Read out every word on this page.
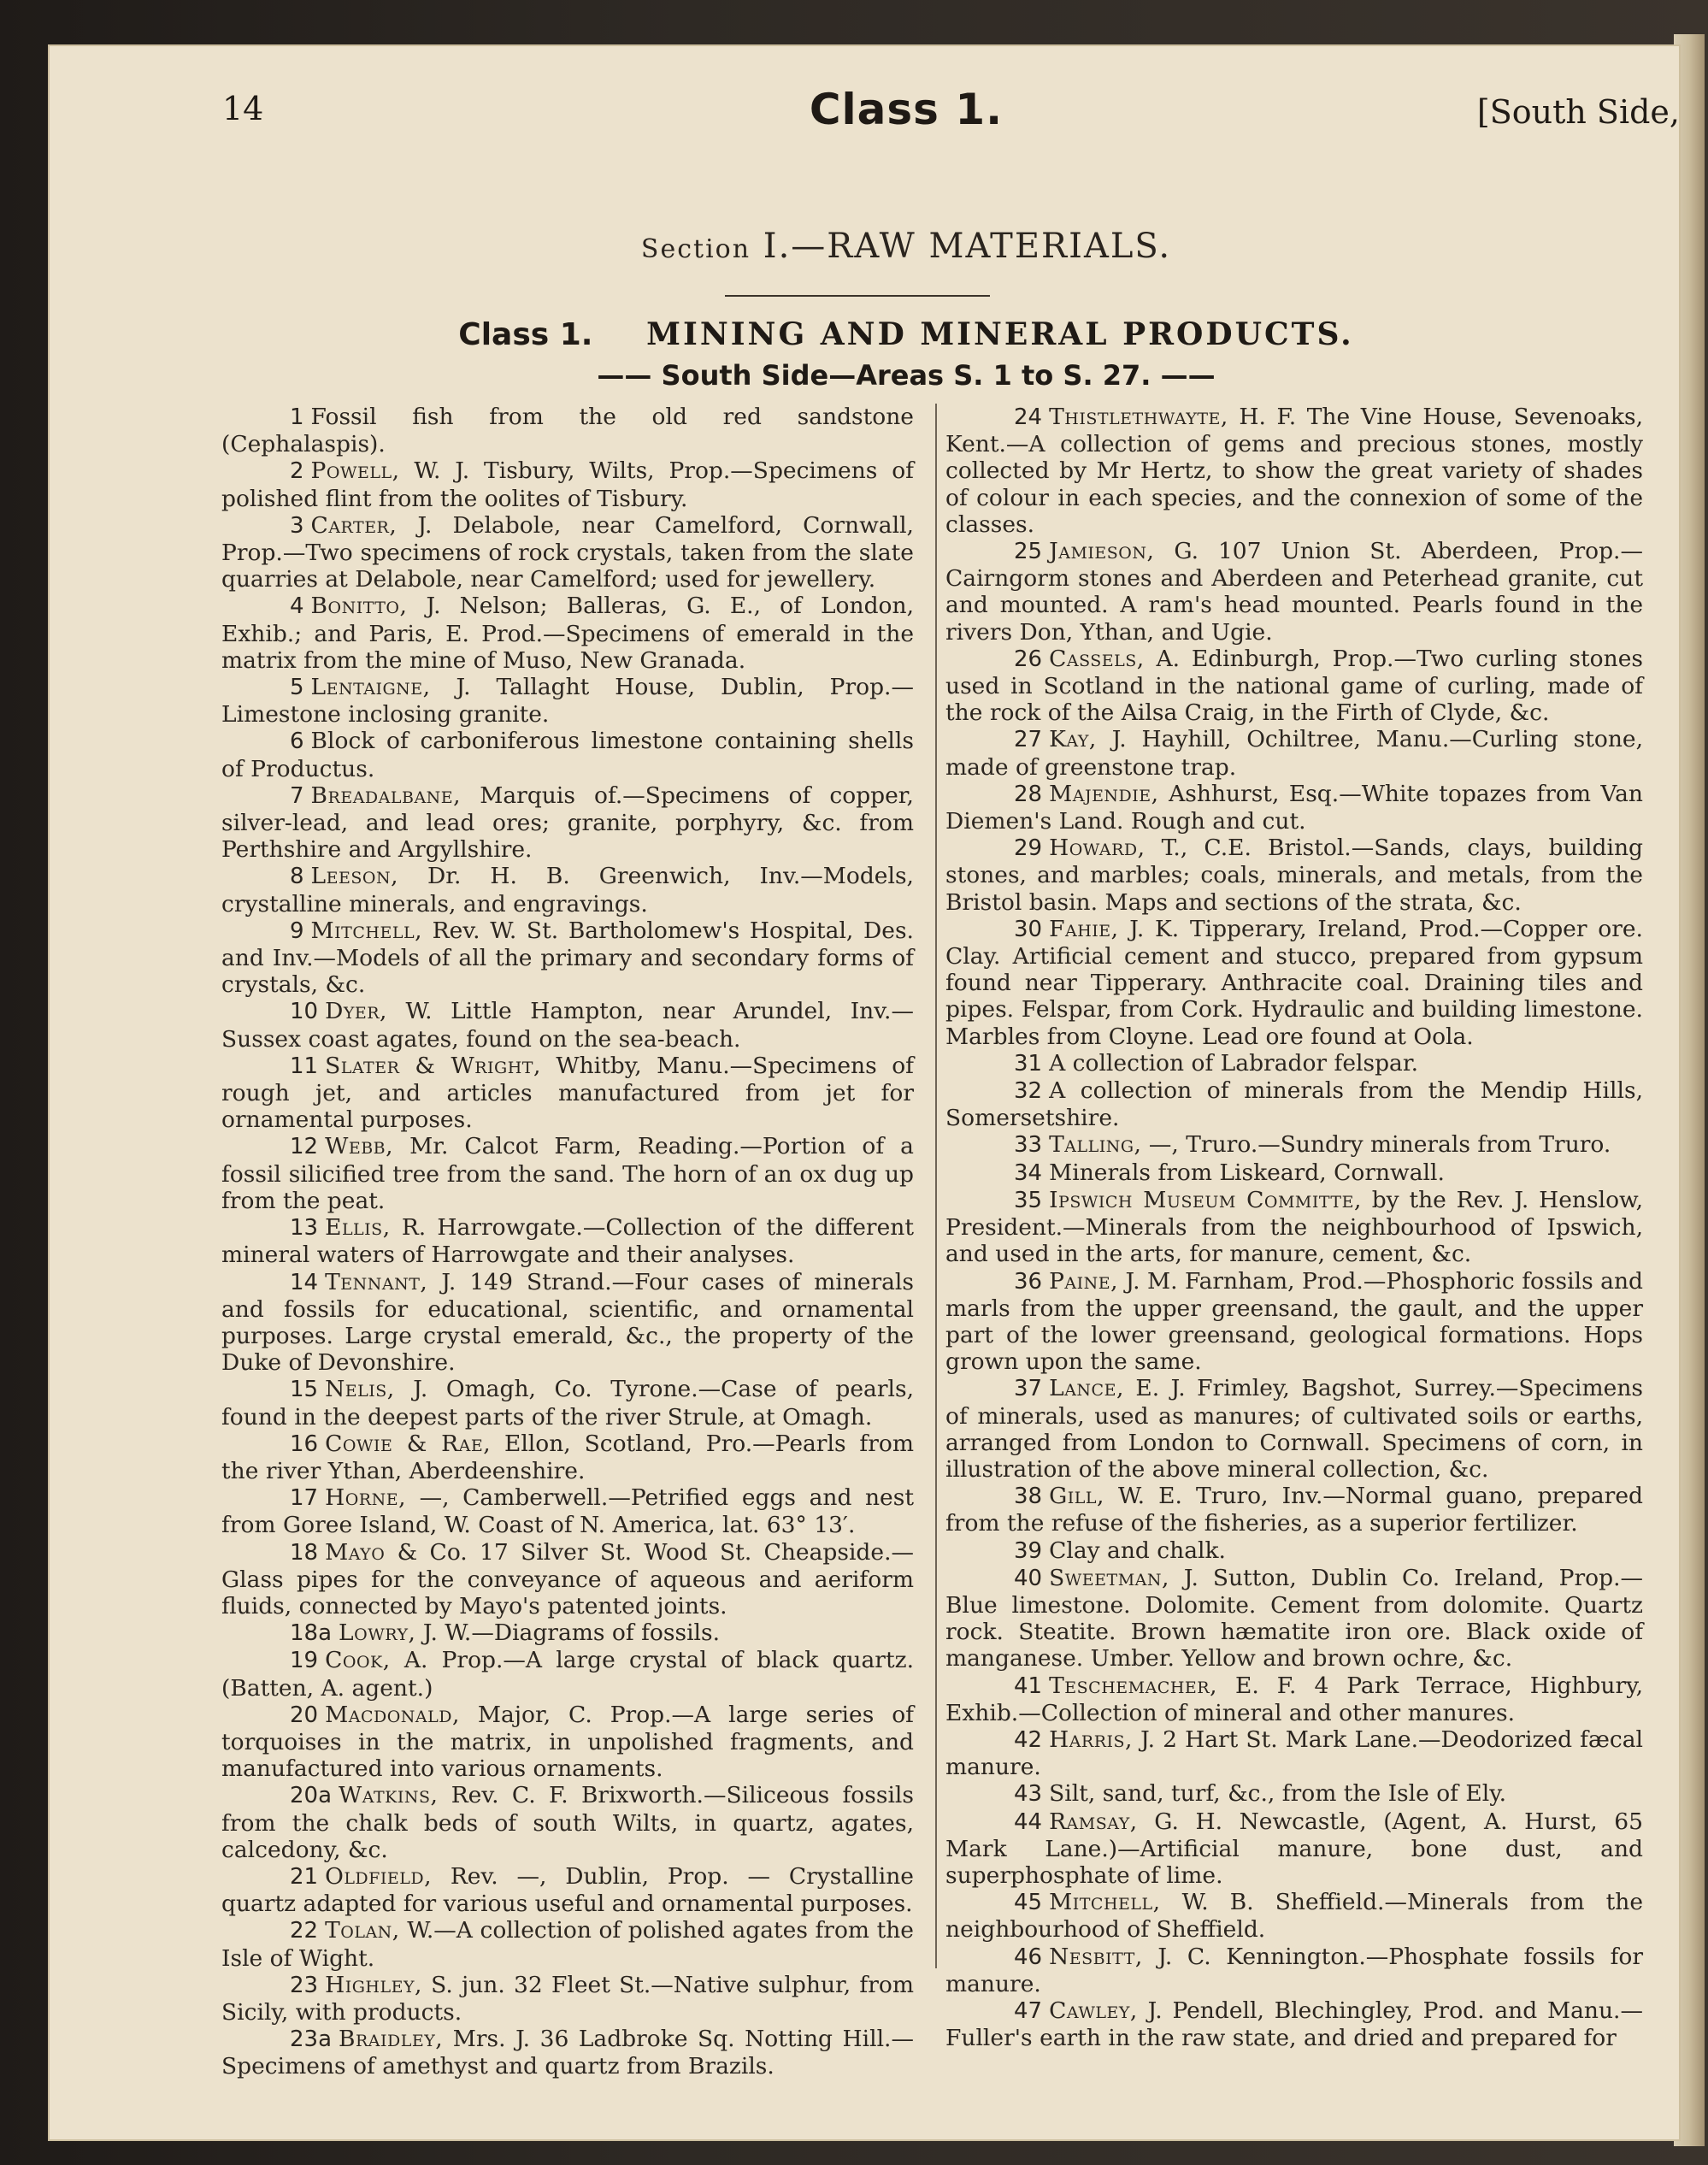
14	Class 1.	[South Side,
Section I.—RAW MATERIALS.
Class 1. MINING AND MINERAL PRODUCTS.
—— South Side—Areas S. 1 to S. 27. ——

1 Fossil fish from the old red sandstone (Cephalaspis).

2 Powell, W. J. Tisbury, Wilts, Prop.—Specimens of polished flint from the oolites of Tisbury.

3 Carter, J. Delabole, near Camelford, Cornwall, Prop.—Two specimens of rock crystals, taken from the slate quarries at Delabole, near Camelford; used for jewellery.

4 Bonitto, J. Nelson; Balleras, G. E., of London, Exhib.; and Paris, E. Prod.—Specimens of emerald in the matrix from the mine of Muso, New Granada.

5 Lentaigne, J. Tallaght House, Dublin, Prop.—Limestone inclosing granite.

6 Block of carboniferous limestone containing shells of Productus.

7 Breadalbane, Marquis of.—Specimens of copper, silver-lead, and lead ores; granite, porphyry, &c. from Perthshire and Argyllshire.

8 Leeson, Dr. H. B. Greenwich, Inv.—Models, crystalline minerals, and engravings.

9 Mitchell, Rev. W. St. Bartholomew's Hospital, Des. and Inv.—Models of all the primary and secondary forms of crystals, &c.

10 Dyer, W. Little Hampton, near Arundel, Inv.—Sussex coast agates, found on the sea-beach.

11 Slater & Wright, Whitby, Manu.—Specimens of rough jet, and articles manufactured from jet for ornamental purposes.

12 Webb, Mr. Calcot Farm, Reading.—Portion of a fossil silicified tree from the sand. The horn of an ox dug up from the peat.

13 Ellis, R. Harrowgate.—Collection of the different mineral waters of Harrowgate and their analyses.

14 Tennant, J. 149 Strand.—Four cases of minerals and fossils for educational, scientific, and ornamental purposes. Large crystal emerald, &c., the property of the Duke of Devonshire.

15 Nelis, J. Omagh, Co. Tyrone.—Case of pearls, found in the deepest parts of the river Strule, at Omagh.

16 Cowie & Rae, Ellon, Scotland, Pro.—Pearls from the river Ythan, Aberdeenshire.

17 Horne, —, Camberwell.—Petrified eggs and nest from Goree Island, W. Coast of N. America, lat. 63° 13′.

18 Mayo & Co. 17 Silver St. Wood St. Cheapside.—Glass pipes for the conveyance of aqueous and aeriform fluids, connected by Mayo's patented joints.

18a Lowry, J. W.—Diagrams of fossils.

19 Cook, A. Prop.—A large crystal of black quartz. (Batten, A. agent.)

20 Macdonald, Major, C. Prop.—A large series of torquoises in the matrix, in unpolished fragments, and manufactured into various ornaments.

20a Watkins, Rev. C. F. Brixworth.—Siliceous fossils from the chalk beds of south Wilts, in quartz, agates, calcedony, &c.

21 Oldfield, Rev. —, Dublin, Prop. — Crystalline quartz adapted for various useful and ornamental purposes.

22 Tolan, W.—A collection of polished agates from the Isle of Wight.

23 Highley, S. jun. 32 Fleet St.—Native sulphur, from Sicily, with products.

23a Braidley, Mrs. J. 36 Ladbroke Sq. Notting Hill.—Specimens of amethyst and quartz from Brazils.

24 Thistlethwayte, H. F. The Vine House, Sevenoaks, Kent.—A collection of gems and precious stones, mostly collected by Mr Hertz, to show the great variety of shades of colour in each species, and the connexion of some of the classes.

25 Jamieson, G. 107 Union St. Aberdeen, Prop.—Cairngorm stones and Aberdeen and Peterhead granite, cut and mounted. A ram's head mounted. Pearls found in the rivers Don, Ythan, and Ugie.

26 Cassels, A. Edinburgh, Prop.—Two curling stones used in Scotland in the national game of curling, made of the rock of the Ailsa Craig, in the Firth of Clyde, &c.

27 Kay, J. Hayhill, Ochiltree, Manu.—Curling stone, made of greenstone trap.

28 Majendie, Ashhurst, Esq.—White topazes from Van Diemen's Land. Rough and cut.

29 Howard, T., C.E. Bristol.—Sands, clays, building stones, and marbles; coals, minerals, and metals, from the Bristol basin. Maps and sections of the strata, &c.

30 Fahie, J. K. Tipperary, Ireland, Prod.—Copper ore. Clay. Artificial cement and stucco, prepared from gypsum found near Tipperary. Anthracite coal. Draining tiles and pipes. Felspar, from Cork. Hydraulic and building limestone. Marbles from Cloyne. Lead ore found at Oola.

31 A collection of Labrador felspar.

32 A collection of minerals from the Mendip Hills, Somersetshire.

33 Talling, —, Truro.—Sundry minerals from Truro.

34 Minerals from Liskeard, Cornwall.

35 Ipswich Museum Committe, by the Rev. J. Henslow, President.—Minerals from the neighbourhood of Ipswich, and used in the arts, for manure, cement, &c.

36 Paine, J. M. Farnham, Prod.—Phosphoric fossils and marls from the upper greensand, the gault, and the upper part of the lower greensand, geological formations. Hops grown upon the same.

37 Lance, E. J. Frimley, Bagshot, Surrey.—Specimens of minerals, used as manures; of cultivated soils or earths, arranged from London to Cornwall. Specimens of corn, in illustration of the above mineral collection, &c.

38 Gill, W. E. Truro, Inv.—Normal guano, prepared from the refuse of the fisheries, as a superior fertilizer.

39 Clay and chalk.

40 Sweetman, J. Sutton, Dublin Co. Ireland, Prop.—Blue limestone. Dolomite. Cement from dolomite. Quartz rock. Steatite. Brown hæmatite iron ore. Black oxide of manganese. Umber. Yellow and brown ochre, &c.

41 Teschemacher, E. F. 4 Park Terrace, Highbury, Exhib.—Collection of mineral and other manures.

42 Harris, J. 2 Hart St. Mark Lane.—Deodorized fæcal manure.

43 Silt, sand, turf, &c., from the Isle of Ely.

44 Ramsay, G. H. Newcastle, (Agent, A. Hurst, 65 Mark Lane.)—Artificial manure, bone dust, and superphosphate of lime.

45 Mitchell, W. B. Sheffield.—Minerals from the neighbourhood of Sheffield.

46 Nesbitt, J. C. Kennington.—Phosphate fossils for manure.

47 Cawley, J. Pendell, Blechingley, Prod. and Manu.—Fuller's earth in the raw state, and dried and prepared for
